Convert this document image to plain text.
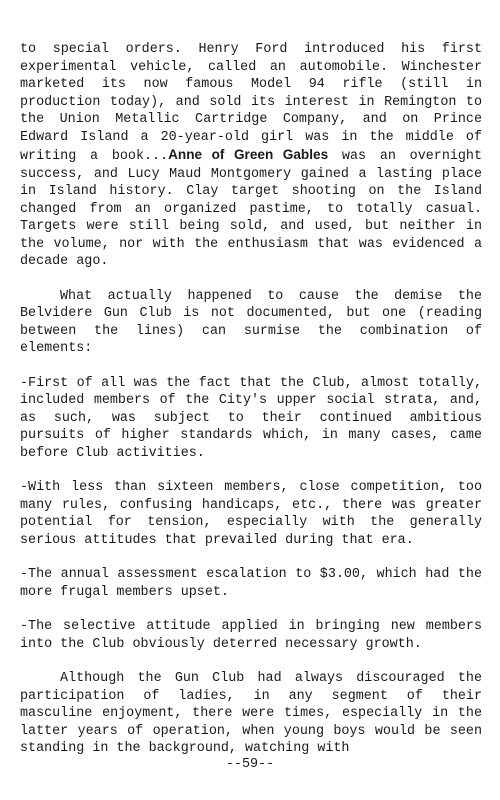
to special orders. Henry Ford introduced his first experimental vehicle, called an automobile. Winchester marketed its now famous Model 94 rifle (still in production today), and sold its interest in Remington to the Union Metallic Cartridge Company, and on Prince Edward Island a 20-year-old girl was in the middle of writing a book...Anne of Green Gables was an overnight success, and Lucy Maud Montgomery gained a lasting place in Island history. Clay target shooting on the Island changed from an organized pastime, to totally casual. Targets were still being sold, and used, but neither in the volume, nor with the enthusiasm that was evidenced a decade ago.

What actually happened to cause the demise the Belvidere Gun Club is not documented, but one (reading between the lines) can surmise the combination of elements:

-First of all was the fact that the Club, almost totally, included members of the City's upper social strata, and, as such, was subject to their continued ambitious pursuits of higher standards which, in many cases, came before Club activities.

-With less than sixteen members, close competition, too many rules, confusing handicaps, etc., there was greater potential for tension, especially with the generally serious attitudes that prevailed during that era.

-The annual assessment escalation to $3.00, which had the more frugal members upset.

-The selective attitude applied in bringing new members into the Club obviously deterred necessary growth.

Although the Gun Club had always discouraged the participation of ladies, in any segment of their masculine enjoyment, there were times, especially in the latter years of operation, when young boys would be seen standing in the background, watching with

--59--
